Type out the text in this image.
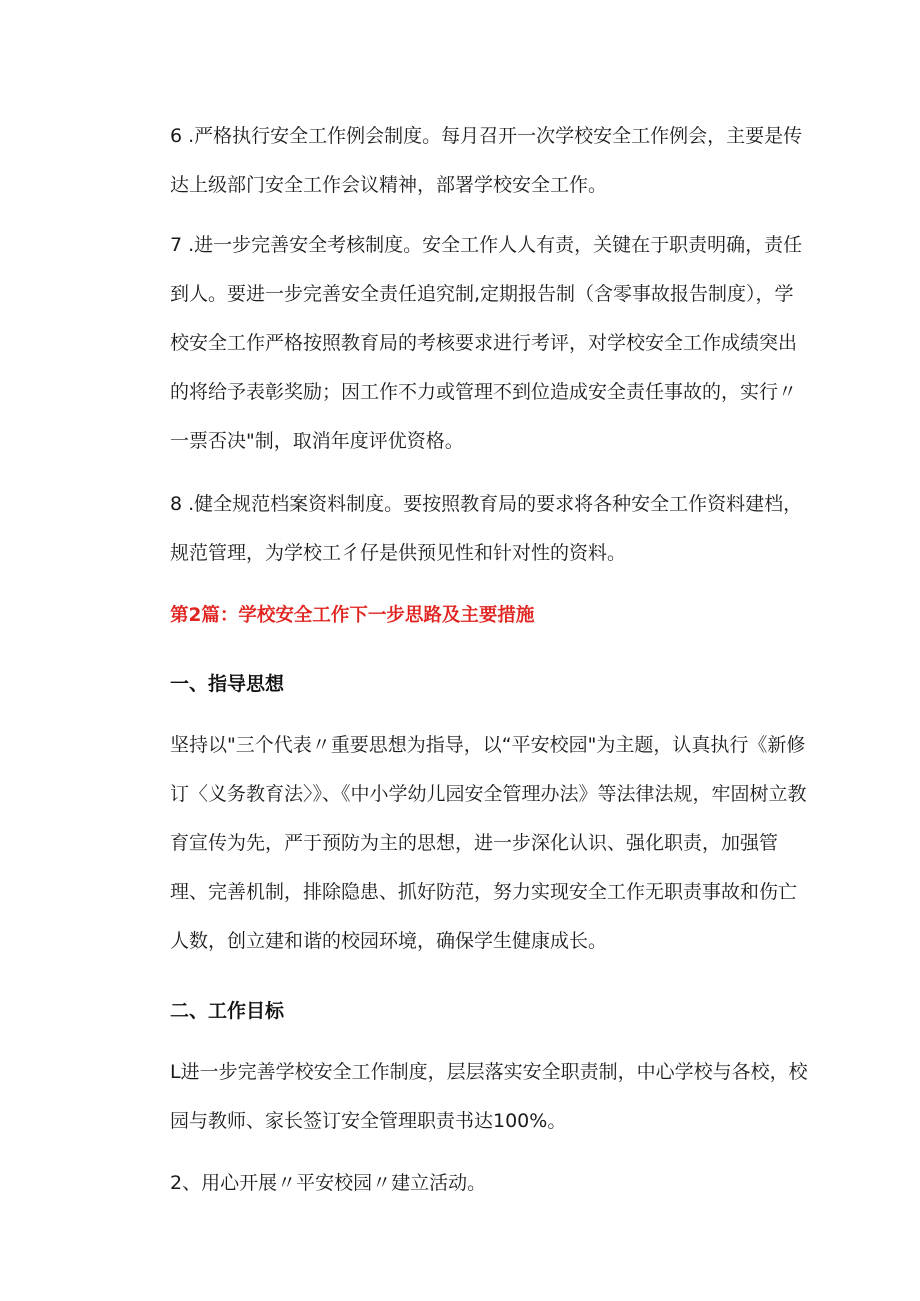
6 .严格执行安全工作例会制度。每月召开一次学校安全工作例会，主要是传达上级部门安全工作会议精神，部署学校安全工作。

7 .进一步完善安全考核制度。安全工作人人有责，关键在于职责明确，责任到人。要进一步完善安全责任追究制,定期报告制（含零事故报告制度），学校安全工作严格按照教育局的考核要求进行考评，对学校安全工作成绩突出的将给予表彰奖励；因工作不力或管理不到位造成安全责任事故的，实行〃一票否决"制，取消年度评优资格。

8 .健全规范档案资料制度。要按照教育局的要求将各种安全工作资料建档，规范管理，为学校工彳仔是供预见性和针对性的资料。

第2篇：学校安全工作下一步思路及主要措施
一、指导思想

坚持以"三个代表〃重要思想为指导，以“平安校园"为主题，认真执行《新修订〈义务教育法〉》、《中小学幼儿园安全管理办法》等法律法规，牢固树立教育宣传为先，严于预防为主的思想，进一步深化认识、强化职责，加强管理、完善机制，排除隐患、抓好防范，努力实现安全工作无职责事故和伤亡人数，创立建和谐的校园环境，确保学生健康成长。

二、工作目标

L进一步完善学校安全工作制度，层层落实安全职责制，中心学校与各校，校园与教师、家长签订安全管理职责书达100%。

2、用心开展〃平安校园〃建立活动。
